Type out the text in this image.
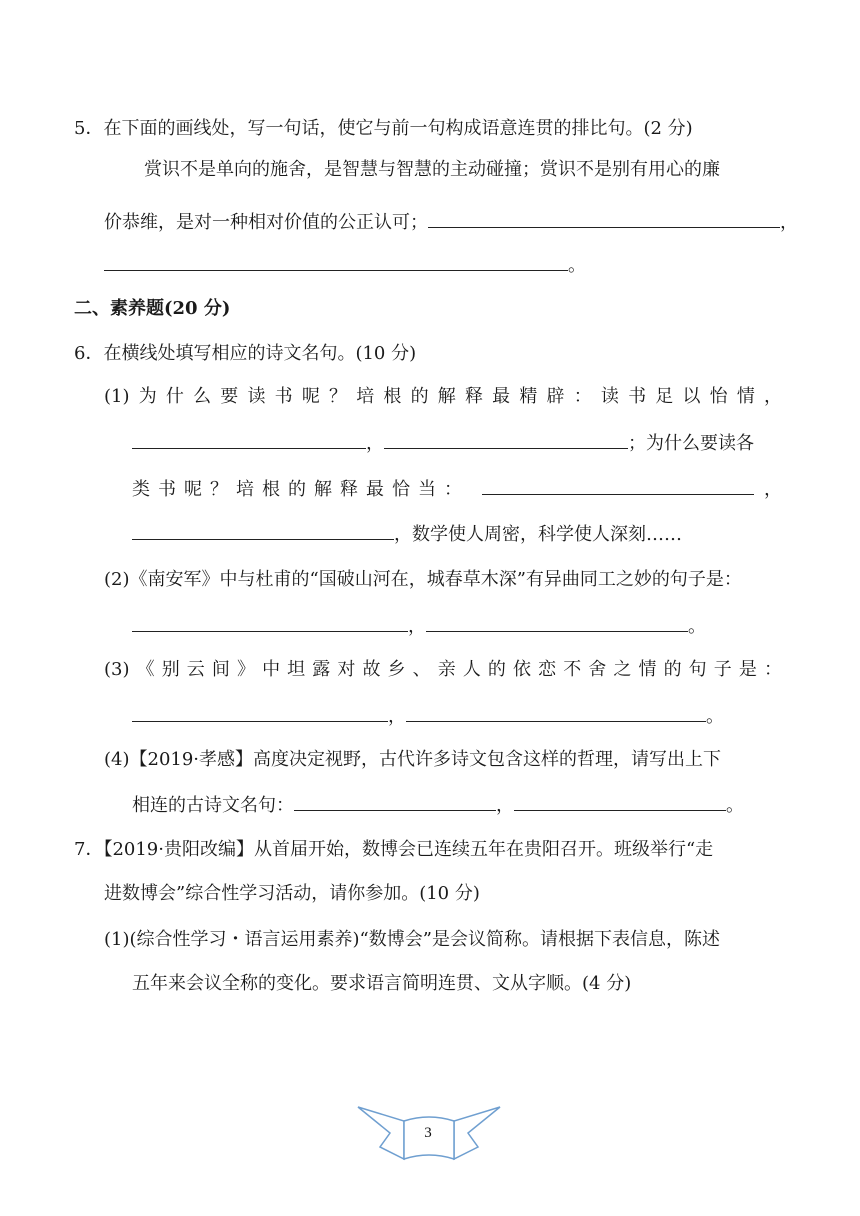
5．在下面的画线处，写一句话，使它与前一句构成语意连贯的排比句。(2 分)
赏识不是单向的施舍，是智慧与智慧的主动碰撞；赏识不是别有用心的廉
价恭维，是对一种相对价值的公正认可；	，
。
二、素养题(20 分)
6．在横线处填写相应的诗文名句。(10 分)
(1) 为 什 么 要 读 书 呢 ？ 培 根 的 解 释 最 精 辟 ： 读 书 足 以 怡 情 ，
，	；为什么要读各
类 书 呢 ？ 培 根 的 解 释 最 恰 当 ：	，
，数学使人周密，科学使人深刻……
(2)《南安军》中与杜甫的“国破山河在，城春草木深”有异曲同工之妙的句子是：
，	。
(3) 《 别 云 间 》 中 坦 露 对 故 乡 、 亲 人 的 依 恋 不 舍 之 情 的 句 子 是 ：
，	。
(4)【2019·孝感】高度决定视野，古代许多诗文包含这样的哲理，请写出上下
相连的古诗文名句：	，	。
7．【2019·贵阳改编】从首届开始，数博会已连续五年在贵阳召开。班级举行“走
进数博会”综合性学习活动，请你参加。(10 分)
(1)(综合性学习・语言运用素养)“数博会”是会议简称。请根据下表信息，陈述
五年来会议全称的变化。要求语言简明连贯、文从字顺。(4 分)
3
